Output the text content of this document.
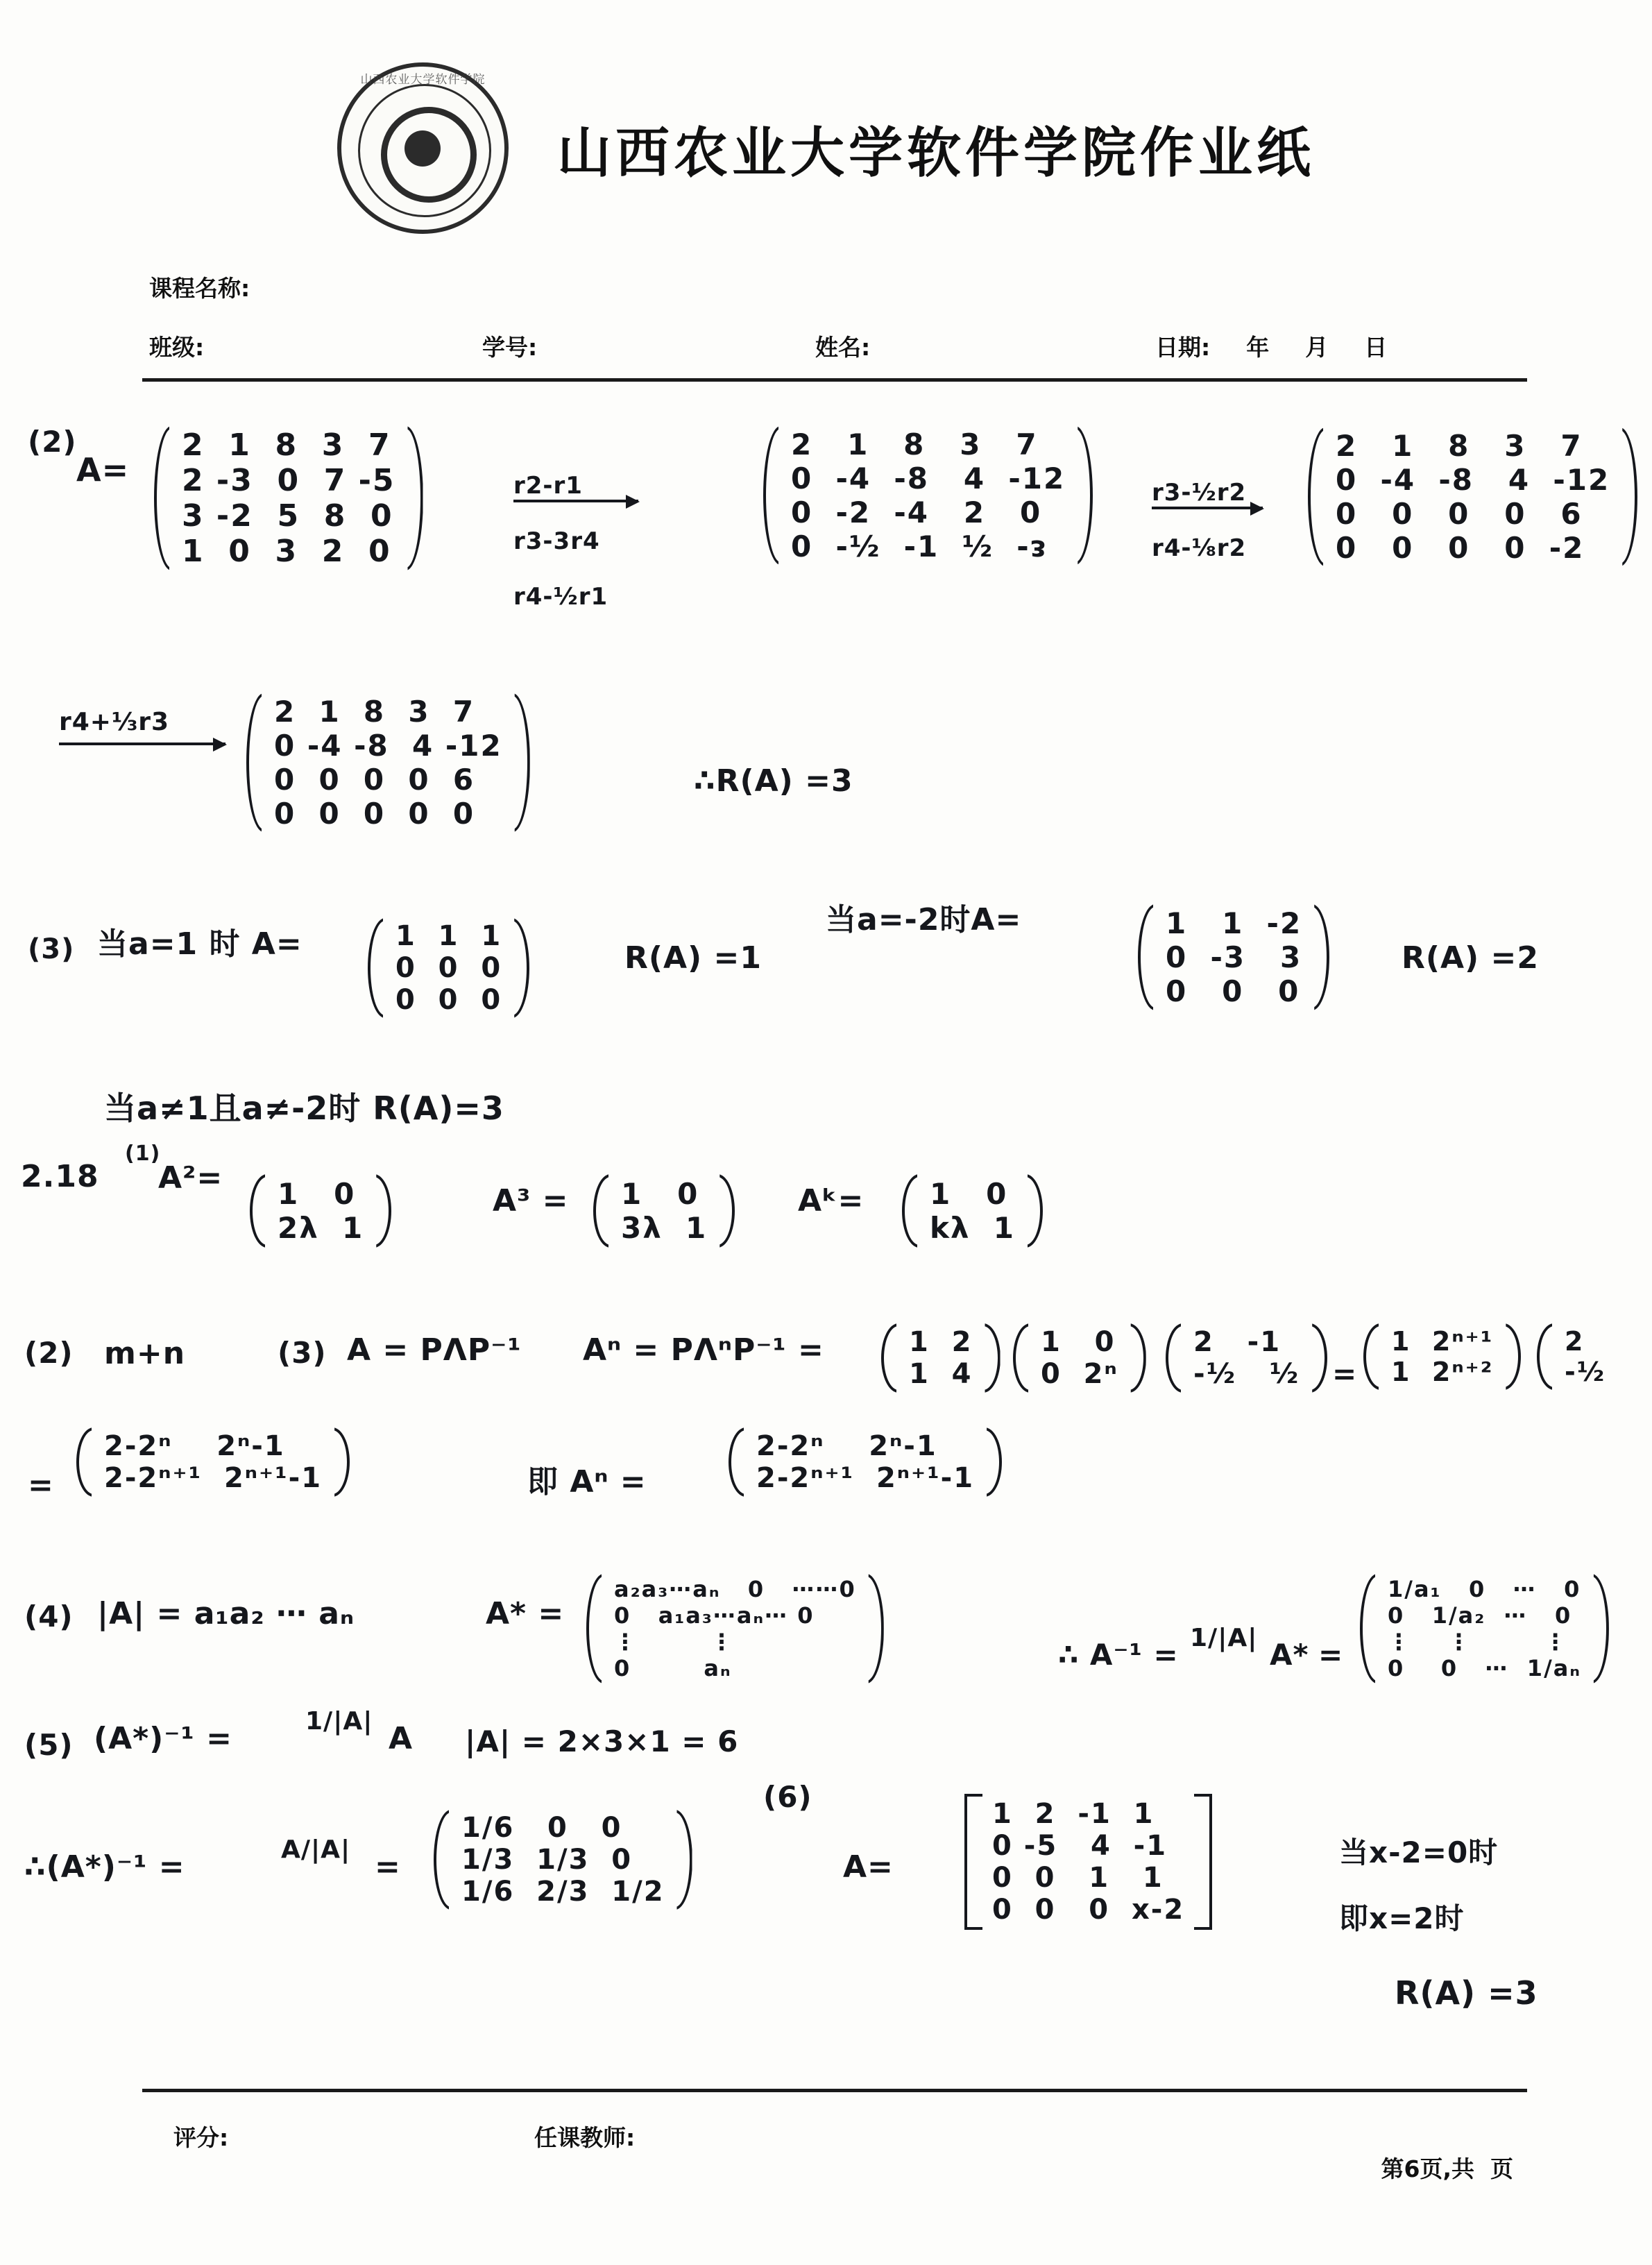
山西农业大学软件学院
山西农业大学软件学院作业纸
课程名称:
班级:	学号:	姓名:	日期: 年 月 日
(2)
A=
2  1  8  3  7
2 -3  0  7 -5
3 -2  5  8  0
1  0  3  2  0
r2-r1
r3-3r4
r4-½r1
2   1   8   3   7
0  -4  -8   4  -12
0  -2  -4   2   0
0  -½  -1  ½  -ᴈ
r3-½r2
r4-⅛r2
2   1   8   3   7
0  -4  -8   4  -12
0   0   0   0   6
0   0   0   0  -2
r4+⅓r3	2  1  8  3  7
0 -4 -8  4 -12
0  0  0  0  6
0  0  0  0  0
∴R(A) =3
(3) 当a=1 时 A=	1  1  1
0  0  0
0  0  0
R(A) =1
当a=-2时A=	1   1  -2
0  -3   3
0   0   0
R(A) =2
当a≠1且a≠-2时 R(A)=3
2.18
(1)
A²= 1   0
2λ  1
A³ = 1   0
3λ  1
Aᵏ= 1   0
kλ  1
(2) m+n	(3) A = PΛP⁻¹ Aⁿ = PΛⁿP⁻¹ =	1  2
1  4
1   0
0  2ⁿ
2   -1
-½   ½ =
1  2ⁿ⁺¹
1  2ⁿ⁺²
2
-½
=
2-2ⁿ    2ⁿ-1
2-2ⁿ⁺¹  2ⁿ⁺¹-1	即 Aⁿ =
2-2ⁿ    2ⁿ-1
2-2ⁿ⁺¹  2ⁿ⁺¹-1
(4) |A| = a₁a₂ ⋯ aₙ	A* =
a₂a₃⋯aₙ   0   ⋯⋯0
0   a₁a₃⋯aₙ⋯ 0
⋮        ⋮
0        aₙ	∴ A⁻¹ = 1/|A| A* =
1/a₁   0   ⋯   0
0   1/a₂  ⋯   0
⋮    ⋮        ⋮
0    0   ⋯  1/aₙ
(5) (A*)⁻¹ =	1/|A| A |A| = 2×3×1 = 6
∴(A*)⁻¹ =	A/|A| =
1/6   0   0
1/3  1/3  0
1/6  2/3  1/2
(6)
A=
1  2  -1  1
0 -5   4  -1
0  0   1   1
0  0   0  x-2
当x-2=0时
即x=2时
R(A) =3
评分:	任课教师:

第6页,共 页
